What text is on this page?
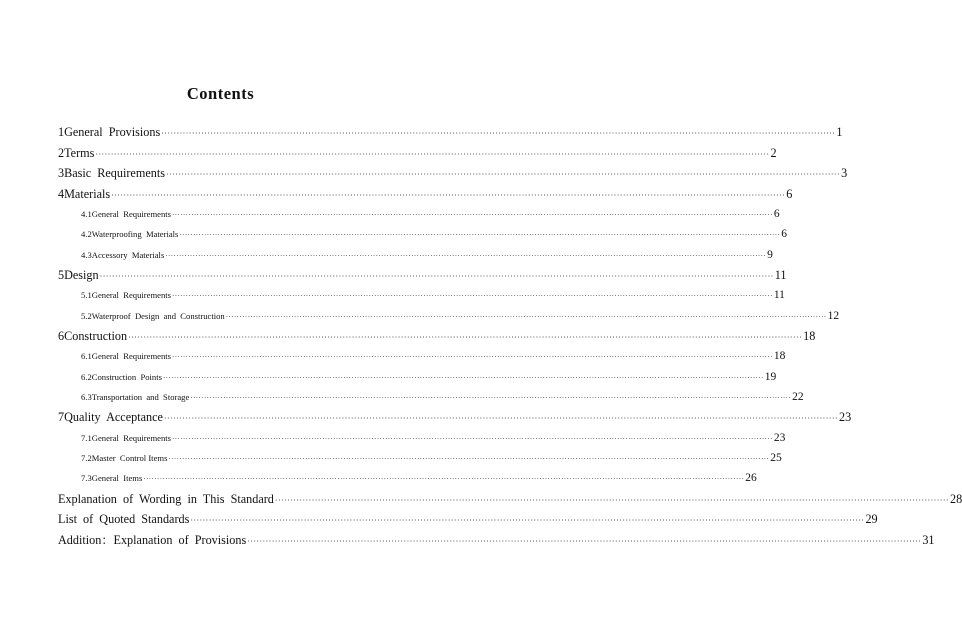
Contents
1 General  Provisions ···························································································································································································································· 1
2 Terms ···························································································································································································································· 2
3 Basic  Requirements ···························································································································································································································· 3
4 Materials ···························································································································································································································· 6
4.1 General  Requirements ···························································································································································································································· 6
4.2 Waterproofing  Materials ···························································································································································································································· 6
4.3 Accessory  Materials ···························································································································································································································· 9
5 Design ···························································································································································································································· 11
5.1 General  Requirements ···························································································································································································································· 11
5.2 Waterproof  Design  and  Construction ···························································································································································································································· 12
6 Construction ···························································································································································································································· 18
6.1 General  Requirements ···························································································································································································································· 18
6.2 Construction  Points ···························································································································································································································· 19
6.3 Transportation  and  Storage ···························································································································································································································· 22
7 Quality  Acceptance ···························································································································································································································· 23
7.1 General  Requirements ···························································································································································································································· 23
7.2 Master  Control Items ···························································································································································································································· 25
7.3 General  Items ···························································································································································································································· 26
Explanation  of  Wording  in  This  Standard ···························································································································································································································· 28
List  of  Quoted  Standards ···························································································································································································································· 29
Addition：Explanation  of  Provisions ···························································································································································································································· 31
